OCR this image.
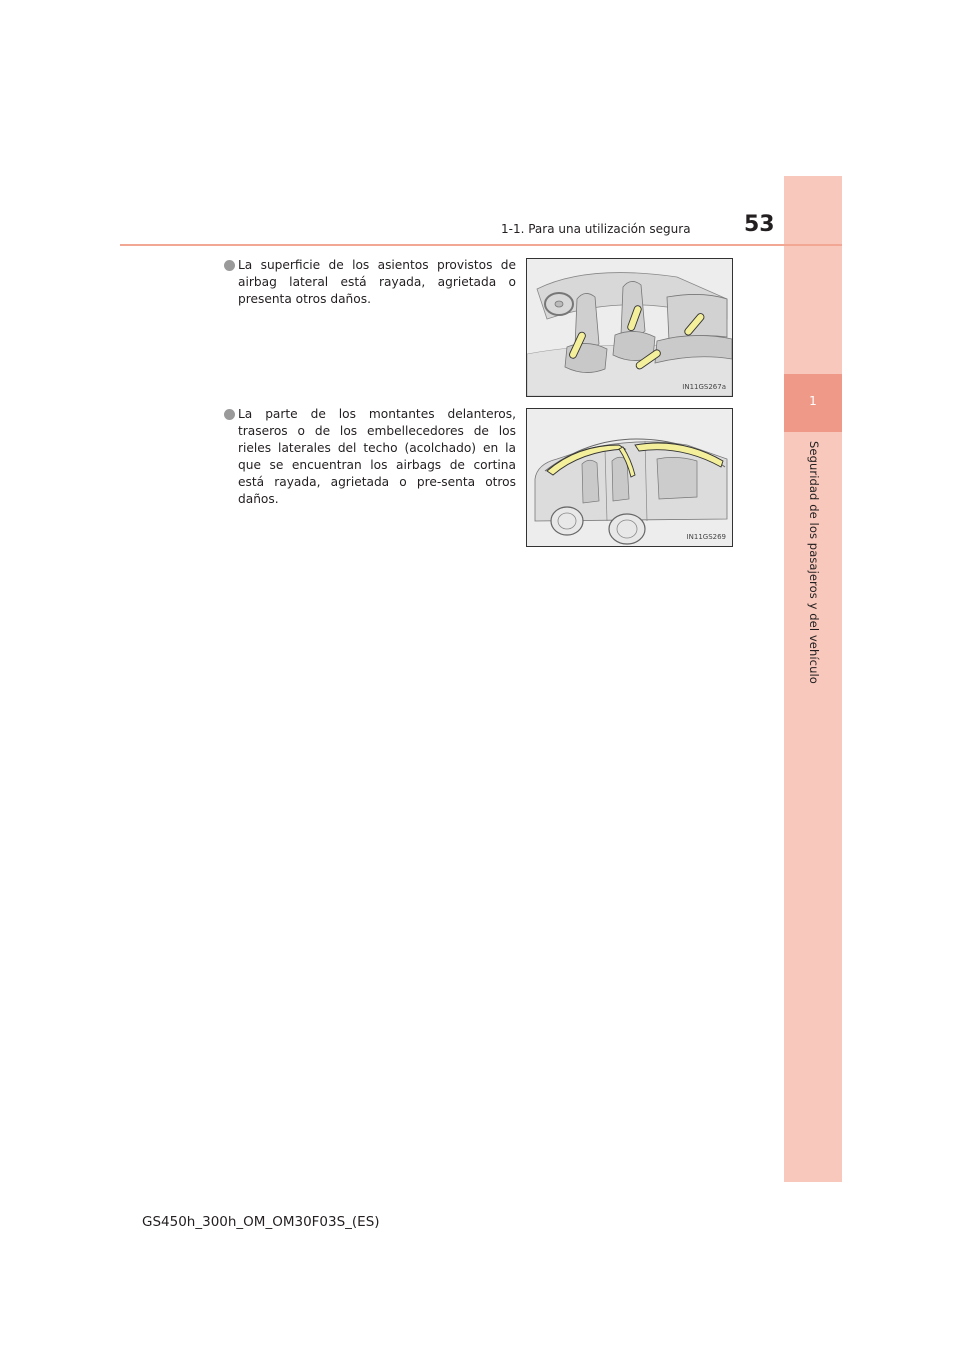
1
Seguridad de los pasajeros y del vehículo
1-1. Para una utilización segura 53
La superficie de los asientos provistos de airbag lateral está rayada, agrietada o presenta otros daños.
IN11GS267a
La parte de los montantes delanteros, traseros o de los embellecedores de los rieles laterales del techo (acolchado) en la que se encuentran los airbags de cortina está rayada, agrietada o pre-senta otros daños.
IN11GS269
GS450h_300h_OM_OM30F03S_(ES)
